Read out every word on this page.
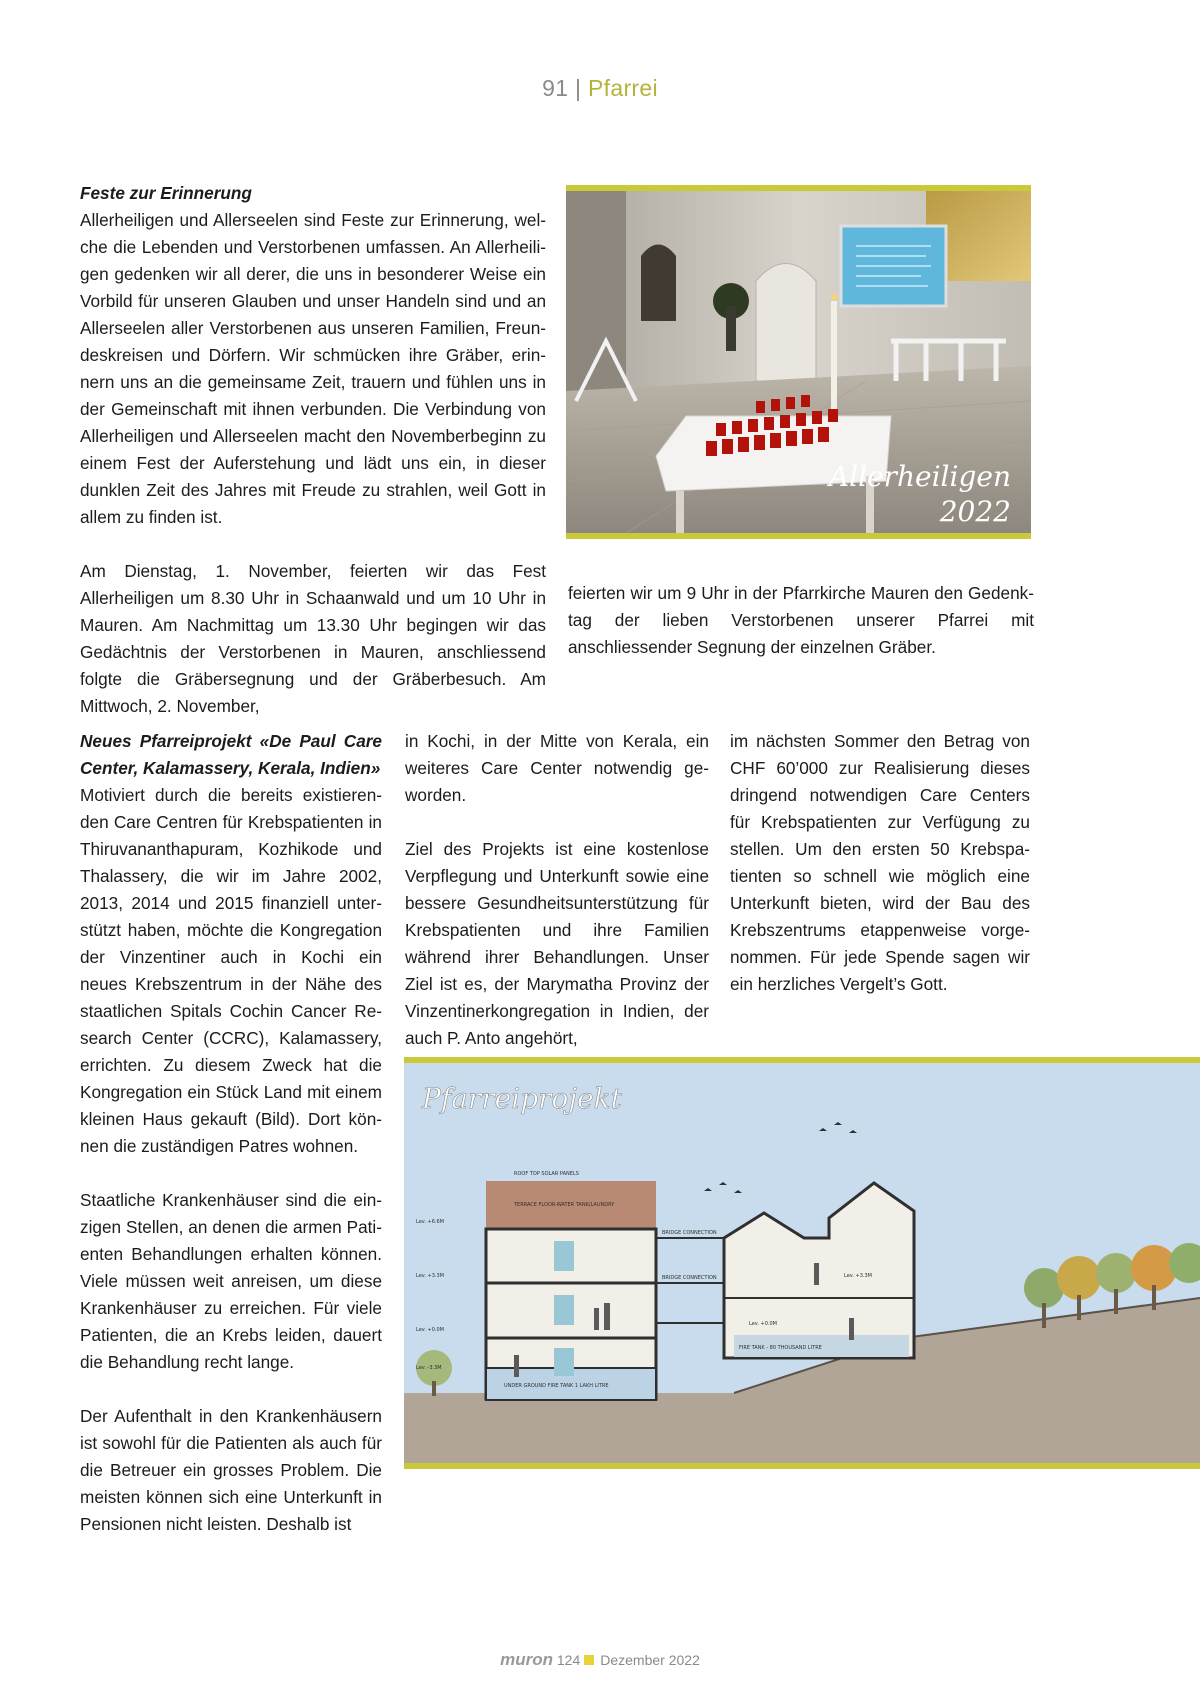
91 | Pfarrei
Feste zur Erinnerung

Allerheiligen und Allerseelen sind Feste zur Erinnerung, welche die Lebenden und Verstorbenen umfassen. An Allerheiligen gedenken wir all derer, die uns in besonderer Weise ein Vorbild für unseren Glauben und unser Handeln sind und an Allerseelen aller Verstorbenen aus unseren Familien, Freundeskreisen und Dörfern. Wir schmücken ihre Gräber, erinnern uns an die gemeinsame Zeit, trauern und fühlen uns in der Gemeinschaft mit ihnen verbunden. Die Verbindung von Allerheiligen und Allerseelen macht den Novemberbeginn zu einem Fest der Auferstehung und lädt uns ein, in dieser dunklen Zeit des Jahres mit Freude zu strahlen, weil Gott in allem zu finden ist.

Am Dienstag, 1. November, feierten wir das Fest Allerheiligen um 8.30 Uhr in Schaanwald und um 10 Uhr in Mauren. Am Nachmittag um 13.30 Uhr begingen wir das Gedächtnis der Verstorbenen in Mauren, anschliessend folgte die Gräbersegnung und der Gräberbesuch. Am Mittwoch, 2. November,

Allerheiligen
2022

feierten wir um 9 Uhr in der Pfarrkirche Mauren den Gedenktag der lieben Verstorbenen unserer Pfarrei mit anschliessender Segnung der einzelnen Gräber.

Neues Pfarreiprojekt «De Paul Care Center, Kalamassery, Kerala, Indien»

Motiviert durch die bereits existierenden Care Centren für Krebspatienten in Thiruvananthapuram, Kozhikode und Thalassery, die wir im Jahre 2002, 2013, 2014 und 2015 finanziell unterstützt haben, möchte die Kongregation der Vinzentiner auch in Kochi ein neues Krebszentrum in der Nähe des staatlichen Spitals Cochin Cancer Research Center (CCRC), Kalamassery, errichten. Zu diesem Zweck hat die Kongregation ein Stück Land mit einem kleinen Haus gekauft (Bild). Dort können die zuständigen Patres wohnen.

Staatliche Krankenhäuser sind die einzigen Stellen, an denen die armen Patienten Behandlungen erhalten können. Viele müssen weit anreisen, um diese Krankenhäuser zu erreichen. Für viele Patienten, die an Krebs leiden, dauert die Behandlung recht lange.

Der Aufenthalt in den Krankenhäusern ist sowohl für die Patienten als auch für die Betreuer ein grosses Problem. Die meisten können sich eine Unterkunft in Pensionen nicht leisten. Deshalb ist

in Kochi, in der Mitte von Kerala, ein weiteres Care Center notwendig geworden.

Ziel des Projekts ist eine kostenlose Verpflegung und Unterkunft sowie eine bessere Gesundheitsunterstützung für Krebspatienten und ihre Familien während ihrer Behandlungen. Unser Ziel ist es, der Marymatha Provinz der Vinzentinerkongregation in Indien, der auch P. Anto angehört,

im nächsten Sommer den Betrag von CHF 60’000 zur Realisierung dieses dringend notwendigen Care Centers für Krebspatienten zur Verfügung zu stellen. Um den ersten 50 Krebspatienten so schnell wie möglich eine Unterkunft bieten, wird der Bau des Krebszentrums etappenweise vorgenommen. Für jede Spende sagen wir ein herzliches Vergelt’s Gott.

ROOF TOP SOLAR PANELS
TERRACE FLOOR-WATER TANK/LAUNDRY
BRIDGE CONNECTION
BRIDGE CONNECTION
FIRE TANK - 80 THOUSAND LITRE
UNDER GROUND FIRE TANK 1 LAKH LITRE
Lev. +6.6M
Lev. +3.3M
Lev. +0.0M
Lev. -3.3M
Lev. +0.0M
Lev. +3.3M
Pfarreiprojekt
muron 124 Dezember 2022
